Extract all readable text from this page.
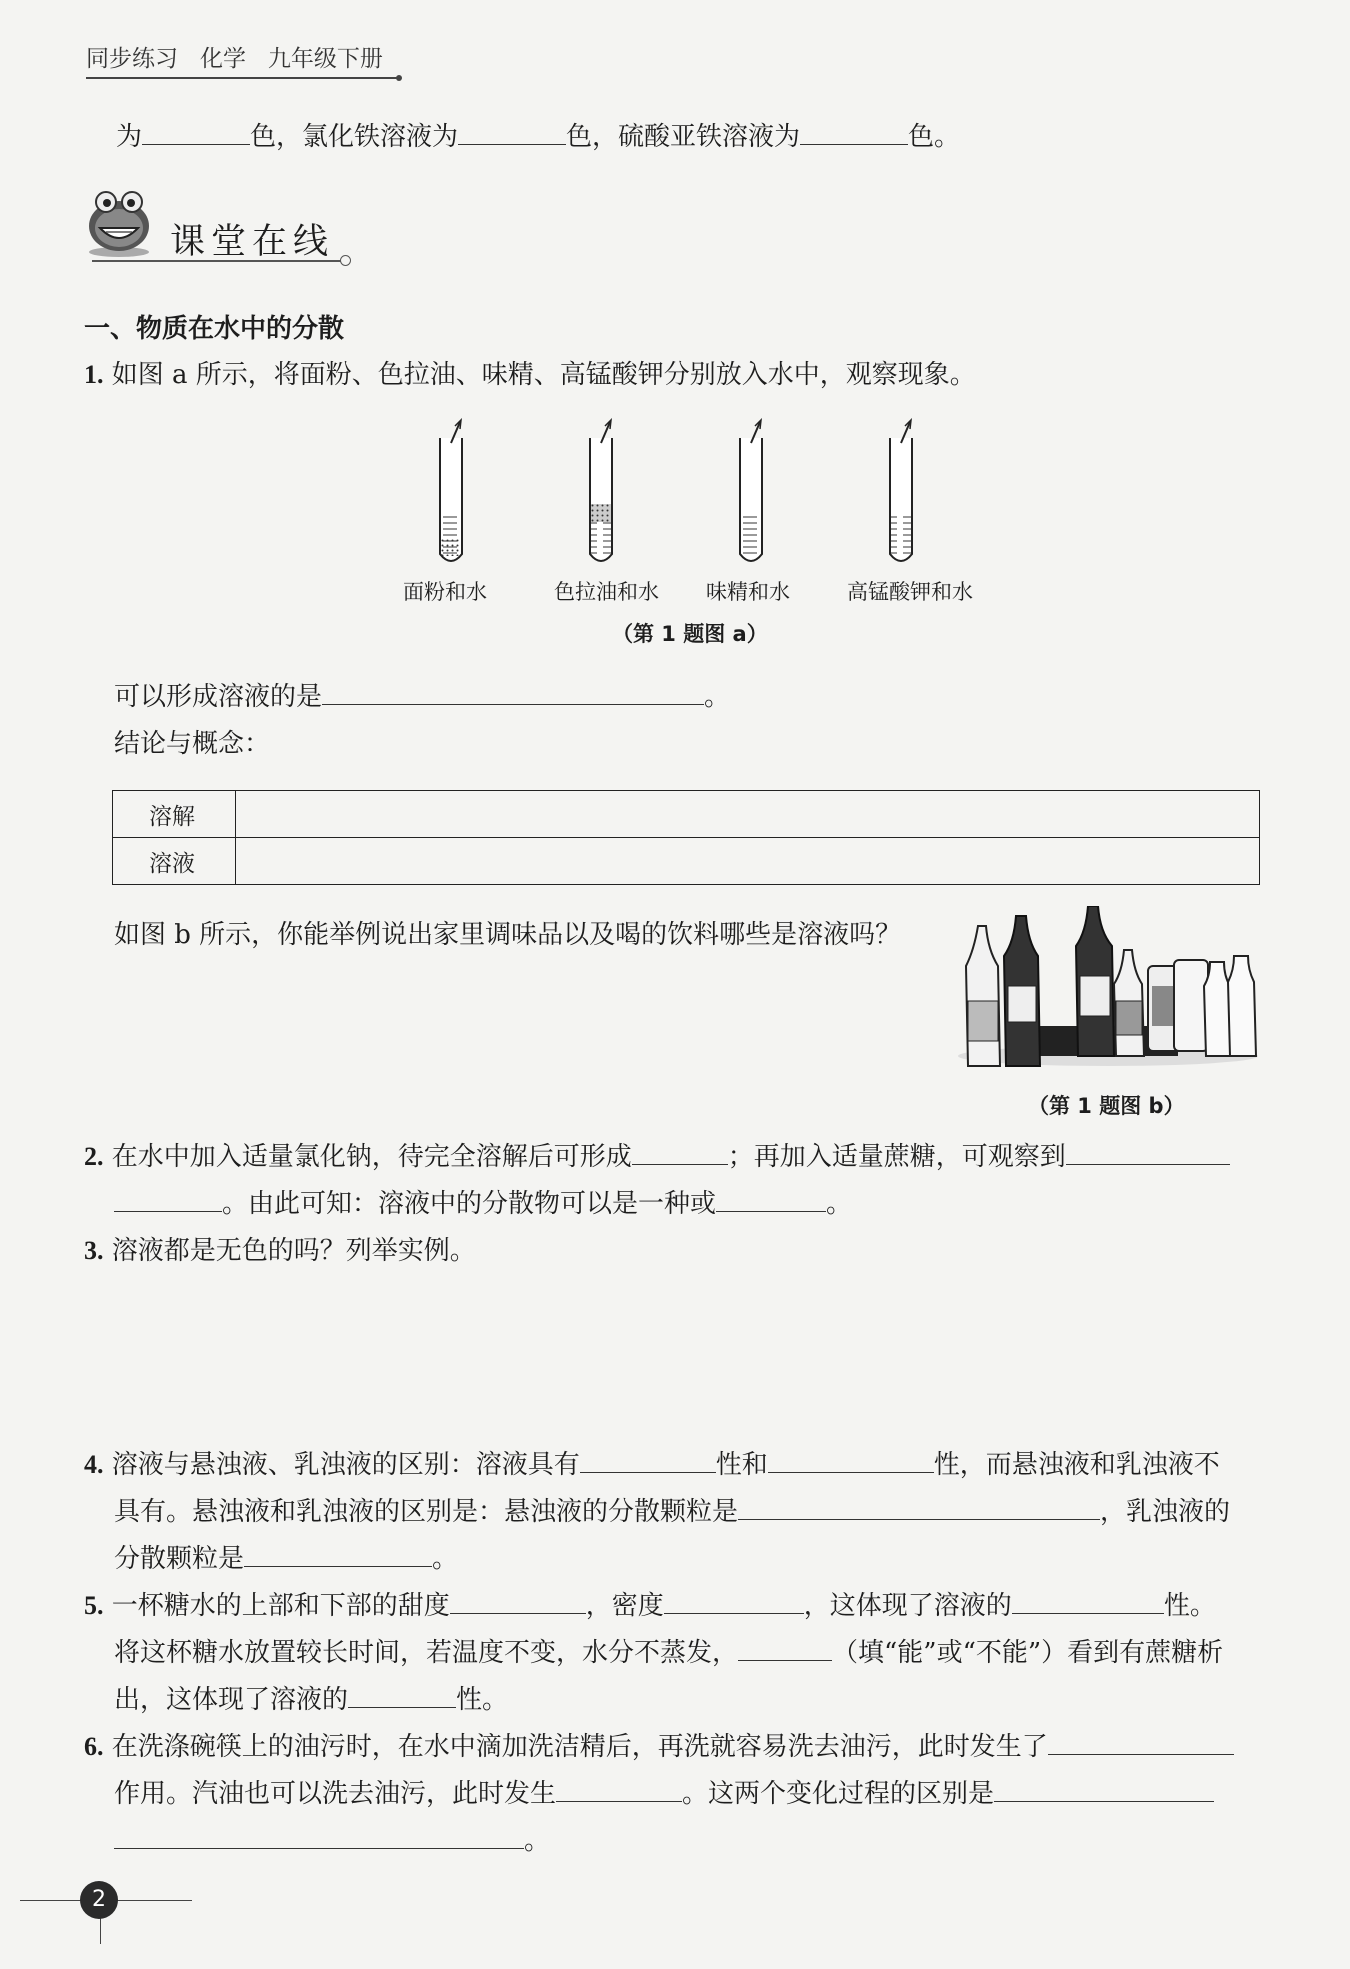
同步练习 化学 九年级下册
为	色，氯化铁溶液为	色，硫酸亚铁溶液为	色。
课堂在线
一、物质在水中的分散
1. 如图 a 所示，将面粉、色拉油、味精、高锰酸钾分别放入水中，观察现象。
面粉和水	色拉油和水 味精和水	高锰酸钾和水
（第 1 题图 a）
可以形成溶液的是	。
结论与概念：
溶解	
溶液	
如图 b 所示，你能举例说出家里调味品以及喝的饮料哪些是溶液吗？
（第 1 题图 b）
2. 在水中加入适量氯化钠，待完全溶解后可形成	；再加入适量蔗糖，可观察到
。由此可知：溶液中的分散物可以是一种或	。
3. 溶液都是无色的吗？列举实例。
4. 溶液与悬浊液、乳浊液的区别：溶液具有	性和	性，而悬浊液和乳浊液不
具有。悬浊液和乳浊液的区别是：悬浊液的分散颗粒是	，乳浊液的
分散颗粒是	。
5. 一杯糖水的上部和下部的甜度	，密度	，这体现了溶液的	性。
将这杯糖水放置较长时间，若温度不变，水分不蒸发，	（填“能”或“不能”）看到有蔗糖析
出，这体现了溶液的	性。
6. 在洗涤碗筷上的油污时，在水中滴加洗洁精后，再洗就容易洗去油污，此时发生了
作用。汽油也可以洗去油污，此时发生	。这两个变化过程的区别是
。
2
